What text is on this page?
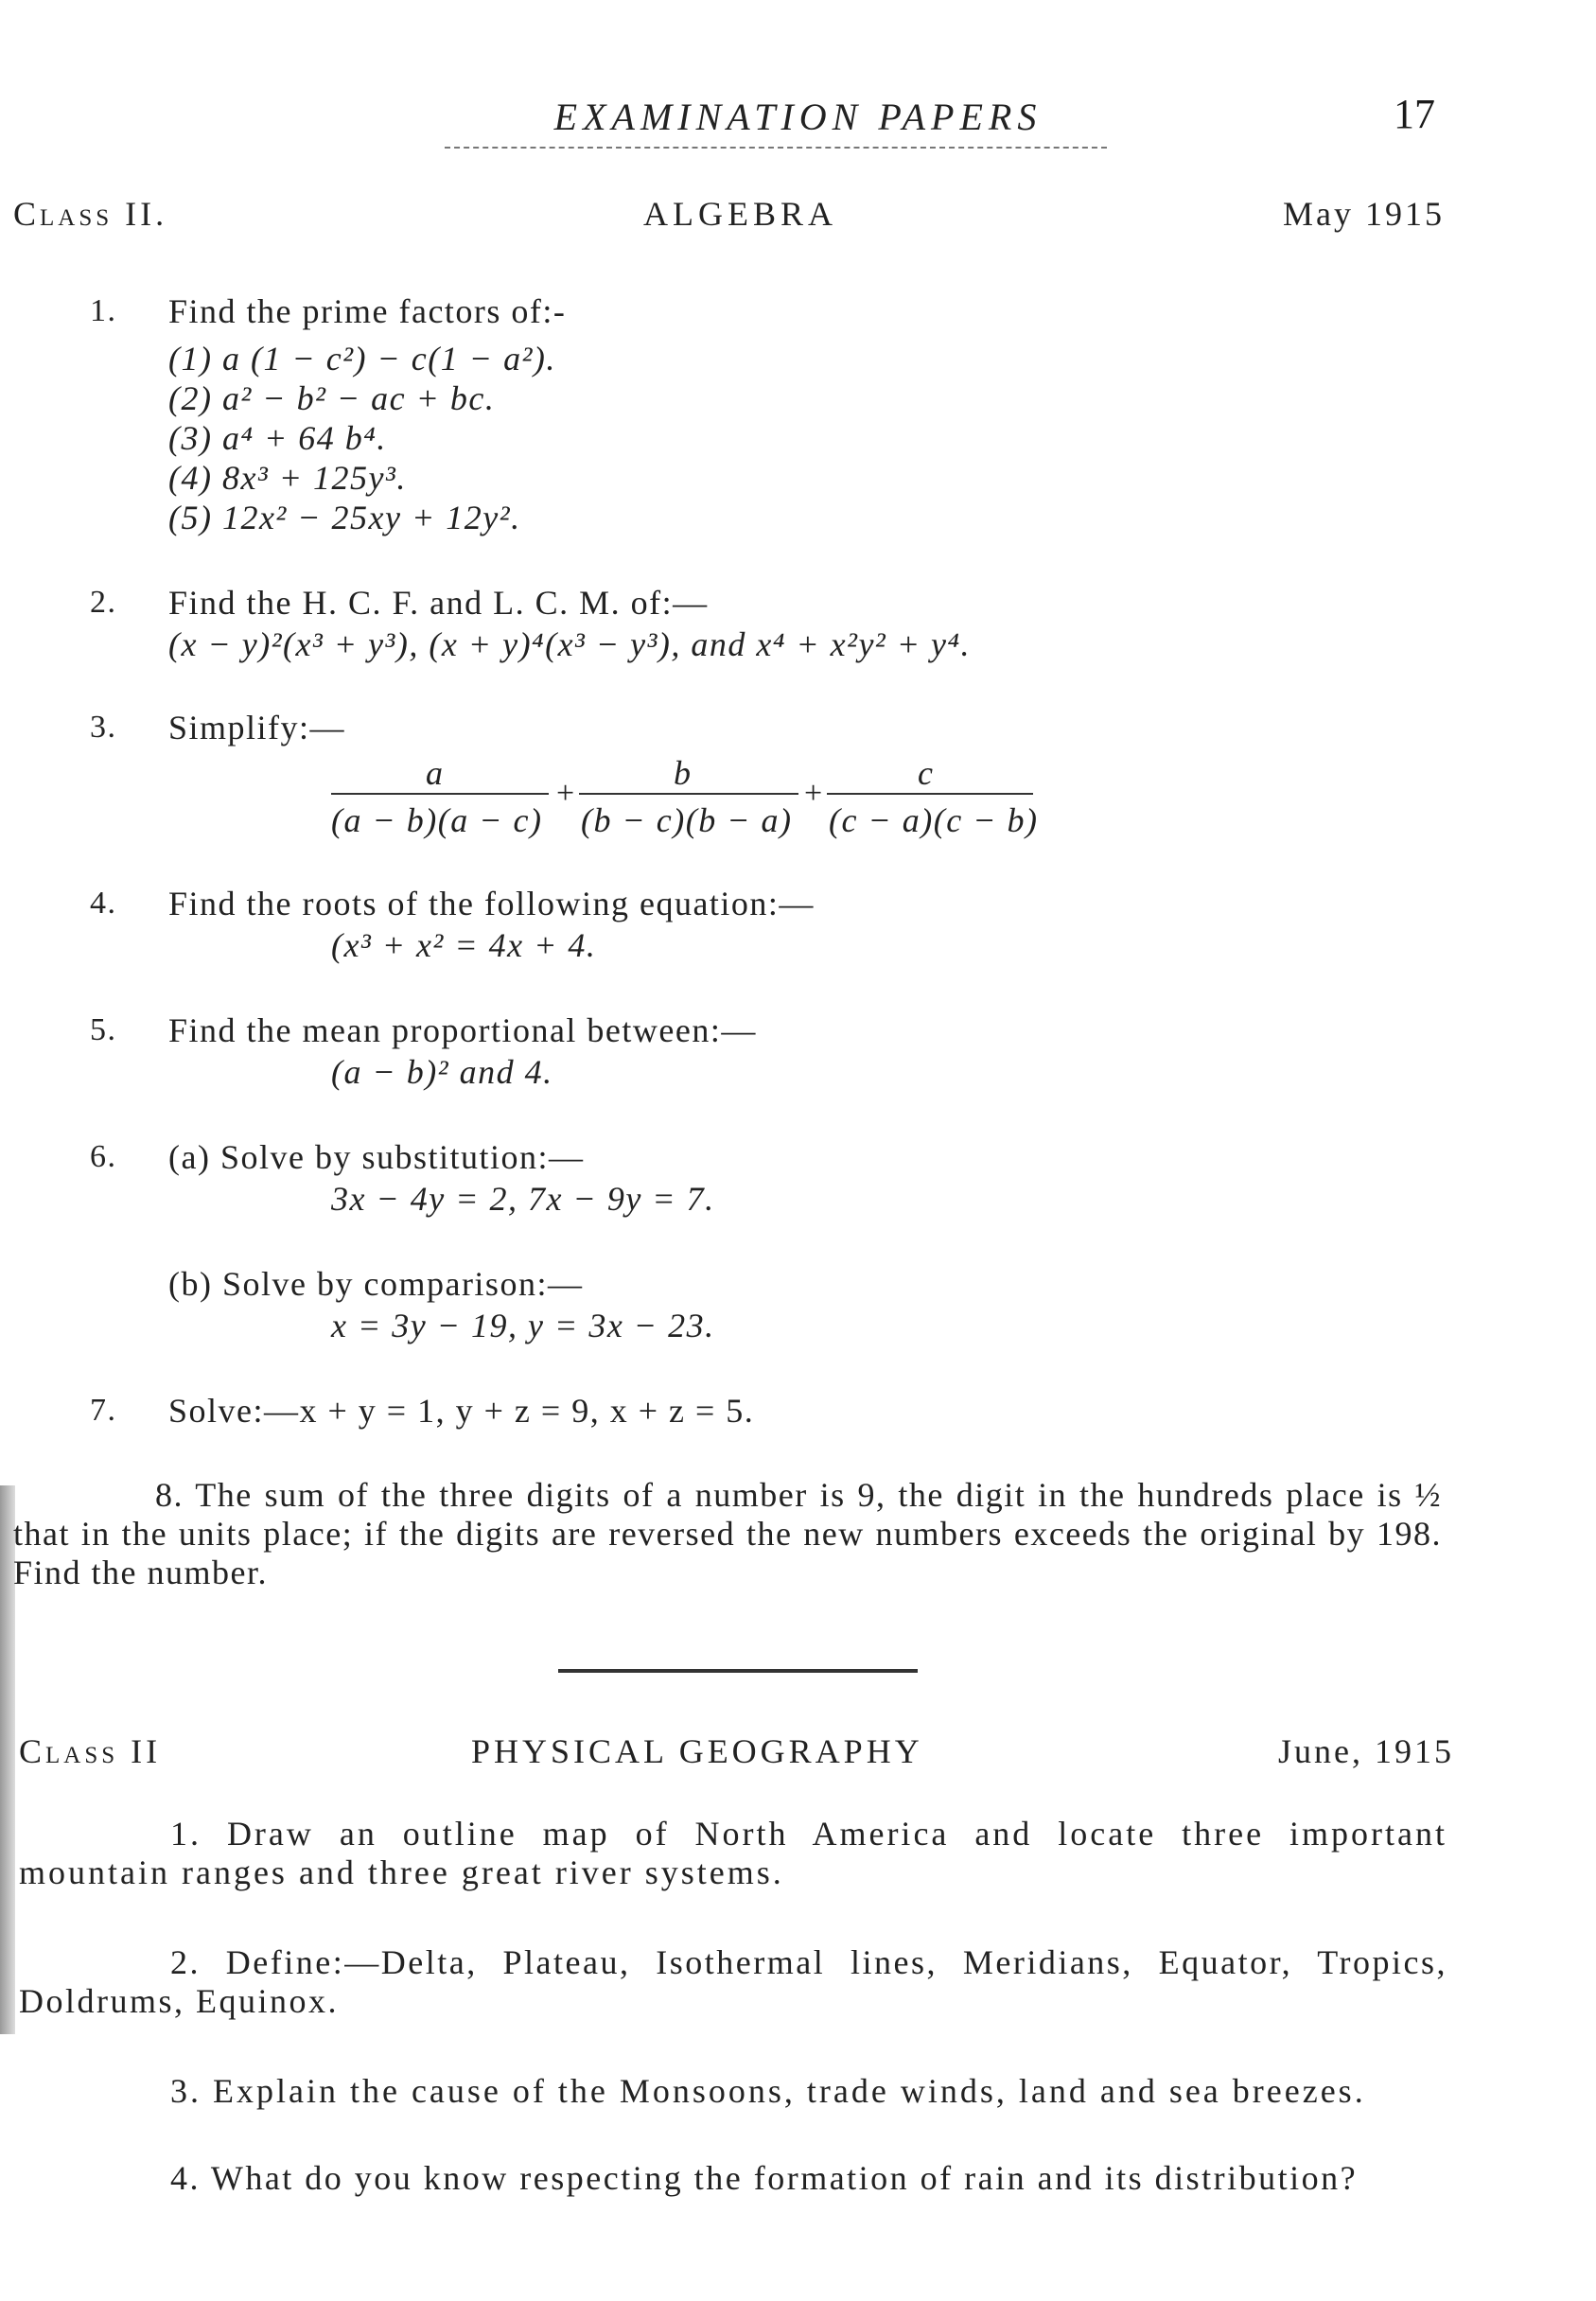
EXAMINATION PAPERS	17
Class II.	ALGEBRA	May 1915
1. Find the prime factors of:-
(1) a (1 − c²) − c(1 − a²).
(2) a² − b² − ac + bc.
(3) a⁴ + 64 b⁴.
(4) 8x³ + 125y³.
(5) 12x² − 25xy + 12y².
2. Find the H. C. F. and L. C. M. of:—
(x − y)²(x³ + y³), (x + y)⁴(x³ − y³), and x⁴ + x²y² + y⁴.
3. Simplify:—
a	b	c
+	+
(a − b)(a − c) (b − c)(b − a) (c − a)(c − b)
4. Find the roots of the following equation:—
(x³ + x² = 4x + 4.
5. Find the mean proportional between:—
(a − b)² and 4.
6. (a) Solve by substitution:—
3x − 4y = 2, 7x − 9y = 7.
(b) Solve by comparison:—
x = 3y − 19, y = 3x − 23.
7. Solve:—x + y = 1, y + z = 9, x + z = 5.
8. The sum of the three digits of a number is 9, the digit in the hundreds place is ½ that in the units place; if the digits are reversed the new numbers exceeds the original by 198. Find the number.
Class II	PHYSICAL GEOGRAPHY	June, 1915
1. Draw an outline map of North America and locate three important mountain ranges and three great river systems.
2. Define:—Delta, Plateau, Isothermal lines, Meridians, Equator, Tropics, Doldrums, Equinox.
3. Explain the cause of the Monsoons, trade winds, land and sea breezes.
4. What do you know respecting the formation of rain and its distribution?
